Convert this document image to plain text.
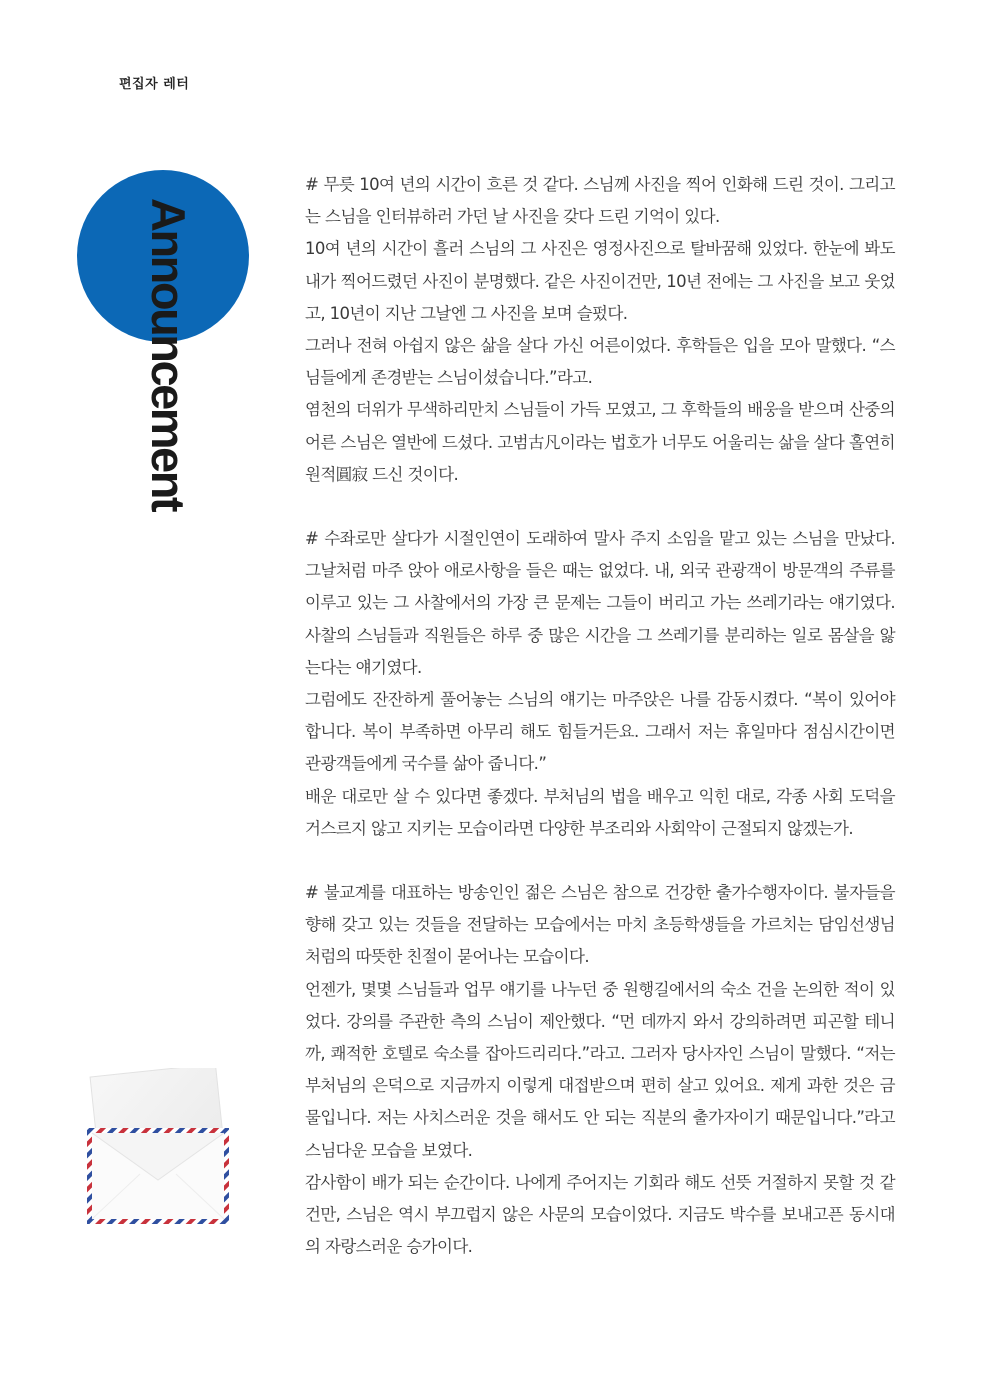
편집자 레터
Announcement

# 무릇 10여 년의 시간이 흐른 것 같다. 스님께 사진을 찍어 인화해 드린 것이. 그리고는 스님을 인터뷰하러 가던 날 사진을 갖다 드린 기억이 있다.

10여 년의 시간이 흘러 스님의 그 사진은 영정사진으로 탈바꿈해 있었다. 한눈에 봐도 내가 찍어드렸던 사진이 분명했다. 같은 사진이건만, 10년 전에는 그 사진을 보고 웃었고, 10년이 지난 그날엔 그 사진을 보며 슬펐다.

그러나 전혀 아쉽지 않은 삶을 살다 가신 어른이었다. 후학들은 입을 모아 말했다. “스님들에게 존경받는 스님이셨습니다.”라고.

염천의 더위가 무색하리만치 스님들이 가득 모였고, 그 후학들의 배웅을 받으며 산중의 어른 스님은 열반에 드셨다. 고범古凡이라는 법호가 너무도 어울리는 삶을 살다 홀연히 원적圓寂 드신 것이다.

# 수좌로만 살다가 시절인연이 도래하여 말사 주지 소임을 맡고 있는 스님을 만났다. 그날처럼 마주 앉아 애로사항을 들은 때는 없었다. 내, 외국 관광객이 방문객의 주류를 이루고 있는 그 사찰에서의 가장 큰 문제는 그들이 버리고 가는 쓰레기라는 얘기였다. 사찰의 스님들과 직원들은 하루 중 많은 시간을 그 쓰레기를 분리하는 일로 몸살을 앓는다는 얘기였다.

그럼에도 잔잔하게 풀어놓는 스님의 얘기는 마주앉은 나를 감동시켰다. “복이 있어야 합니다. 복이 부족하면 아무리 해도 힘들거든요. 그래서 저는 휴일마다 점심시간이면 관광객들에게 국수를 삶아 줍니다.”

배운 대로만 살 수 있다면 좋겠다. 부처님의 법을 배우고 익힌 대로, 각종 사회 도덕을 거스르지 않고 지키는 모습이라면 다양한 부조리와 사회악이 근절되지 않겠는가.

# 불교계를 대표하는 방송인인 젊은 스님은 참으로 건강한 출가수행자이다. 불자들을 향해 갖고 있는 것들을 전달하는 모습에서는 마치 초등학생들을 가르치는 담임선생님처럼의 따뜻한 친절이 묻어나는 모습이다.

언젠가, 몇몇 스님들과 업무 얘기를 나누던 중 원행길에서의 숙소 건을 논의한 적이 있었다. 강의를 주관한 측의 스님이 제안했다. “먼 데까지 와서 강의하려면 피곤할 테니까, 쾌적한 호텔로 숙소를 잡아드리리다.”라고. 그러자 당사자인 스님이 말했다. “저는 부처님의 은덕으로 지금까지 이렇게 대접받으며 편히 살고 있어요. 제게 과한 것은 금물입니다. 저는 사치스러운 것을 해서도 안 되는 직분의 출가자이기 때문입니다.”라고 스님다운 모습을 보였다.

감사함이 배가 되는 순간이다. 나에게 주어지는 기회라 해도 선뜻 거절하지 못할 것 같건만, 스님은 역시 부끄럽지 않은 사문의 모습이었다. 지금도 박수를 보내고픈 동시대의 자랑스러운 승가이다.
